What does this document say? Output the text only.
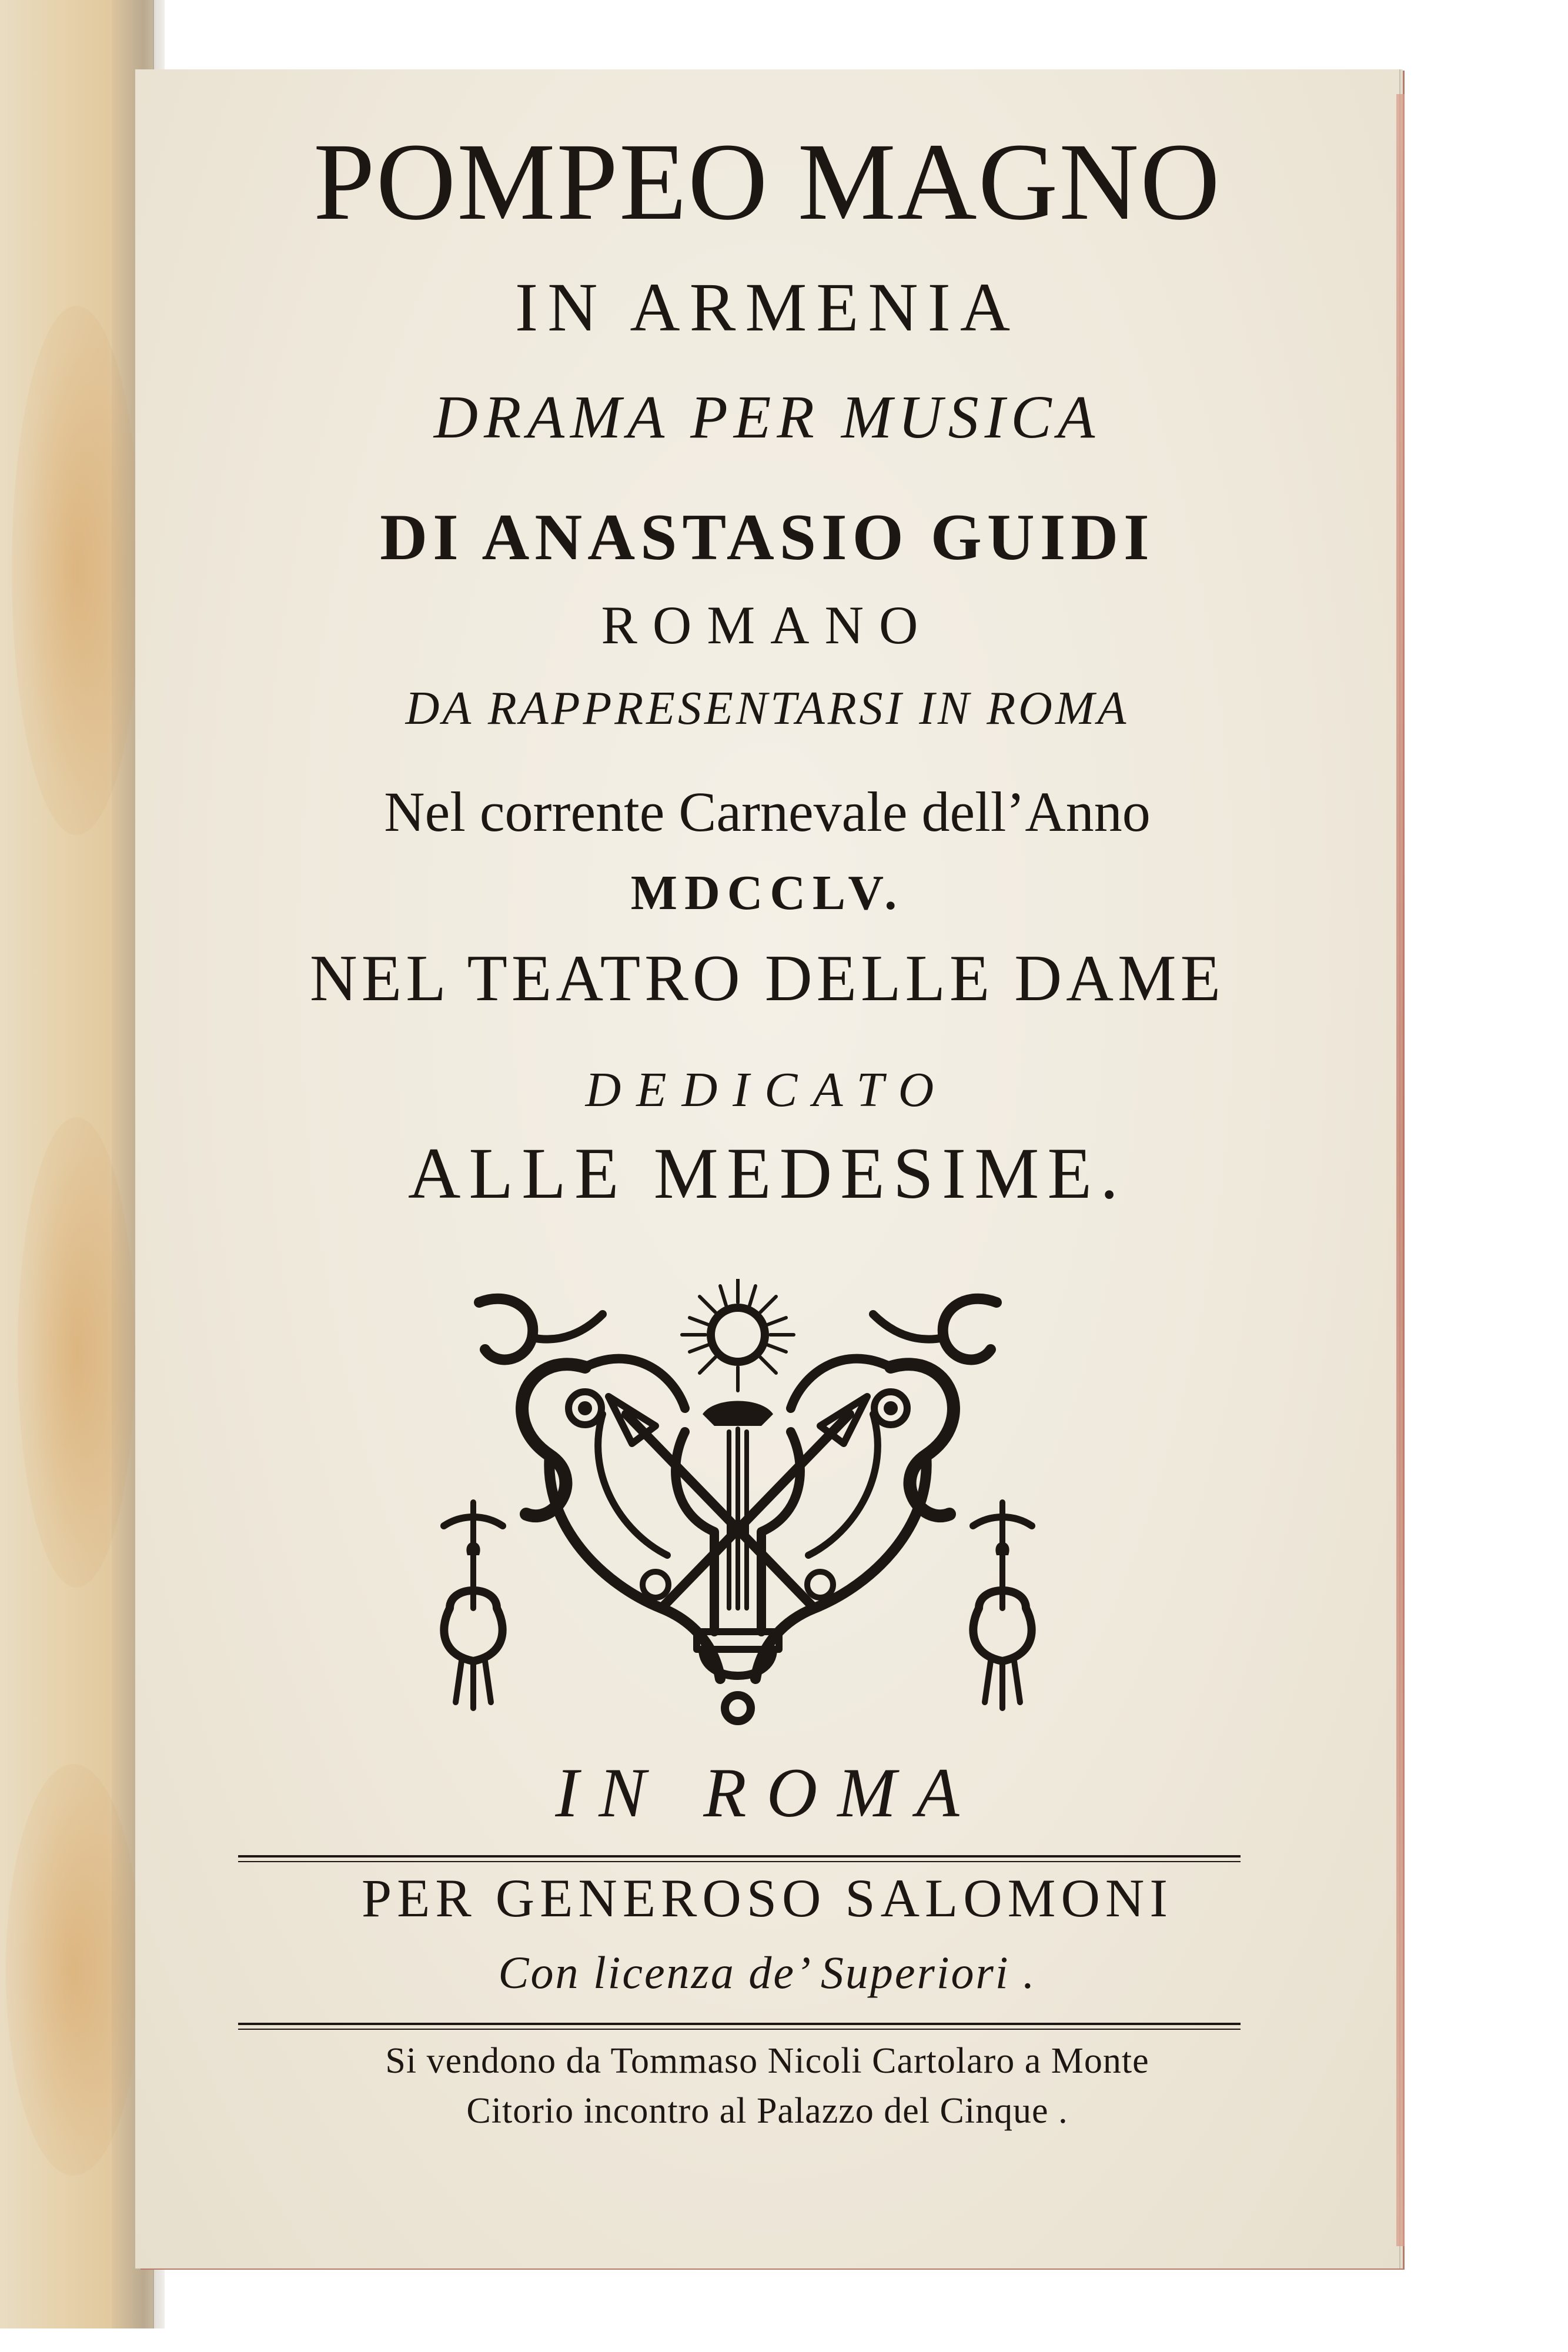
POMPEO MAGNO
IN ARMENIA
DRAMA PER MUSICA
DI ANASTASIO GUIDI
ROMANO
DA RAPPRESENTARSI IN ROMA
Nel corrente Carnevale dell’Anno
MDCCLV.
NEL TEATRO DELLE DAME
DEDICATO
ALLE MEDESIME.
IN ROMA
PER GENEROSO SALOMONI
Con licenza de’ Superiori .
Si vendono da Tommaso Nicoli Cartolaro a Monte
Citorio incontro al Palazzo del Cinque .
